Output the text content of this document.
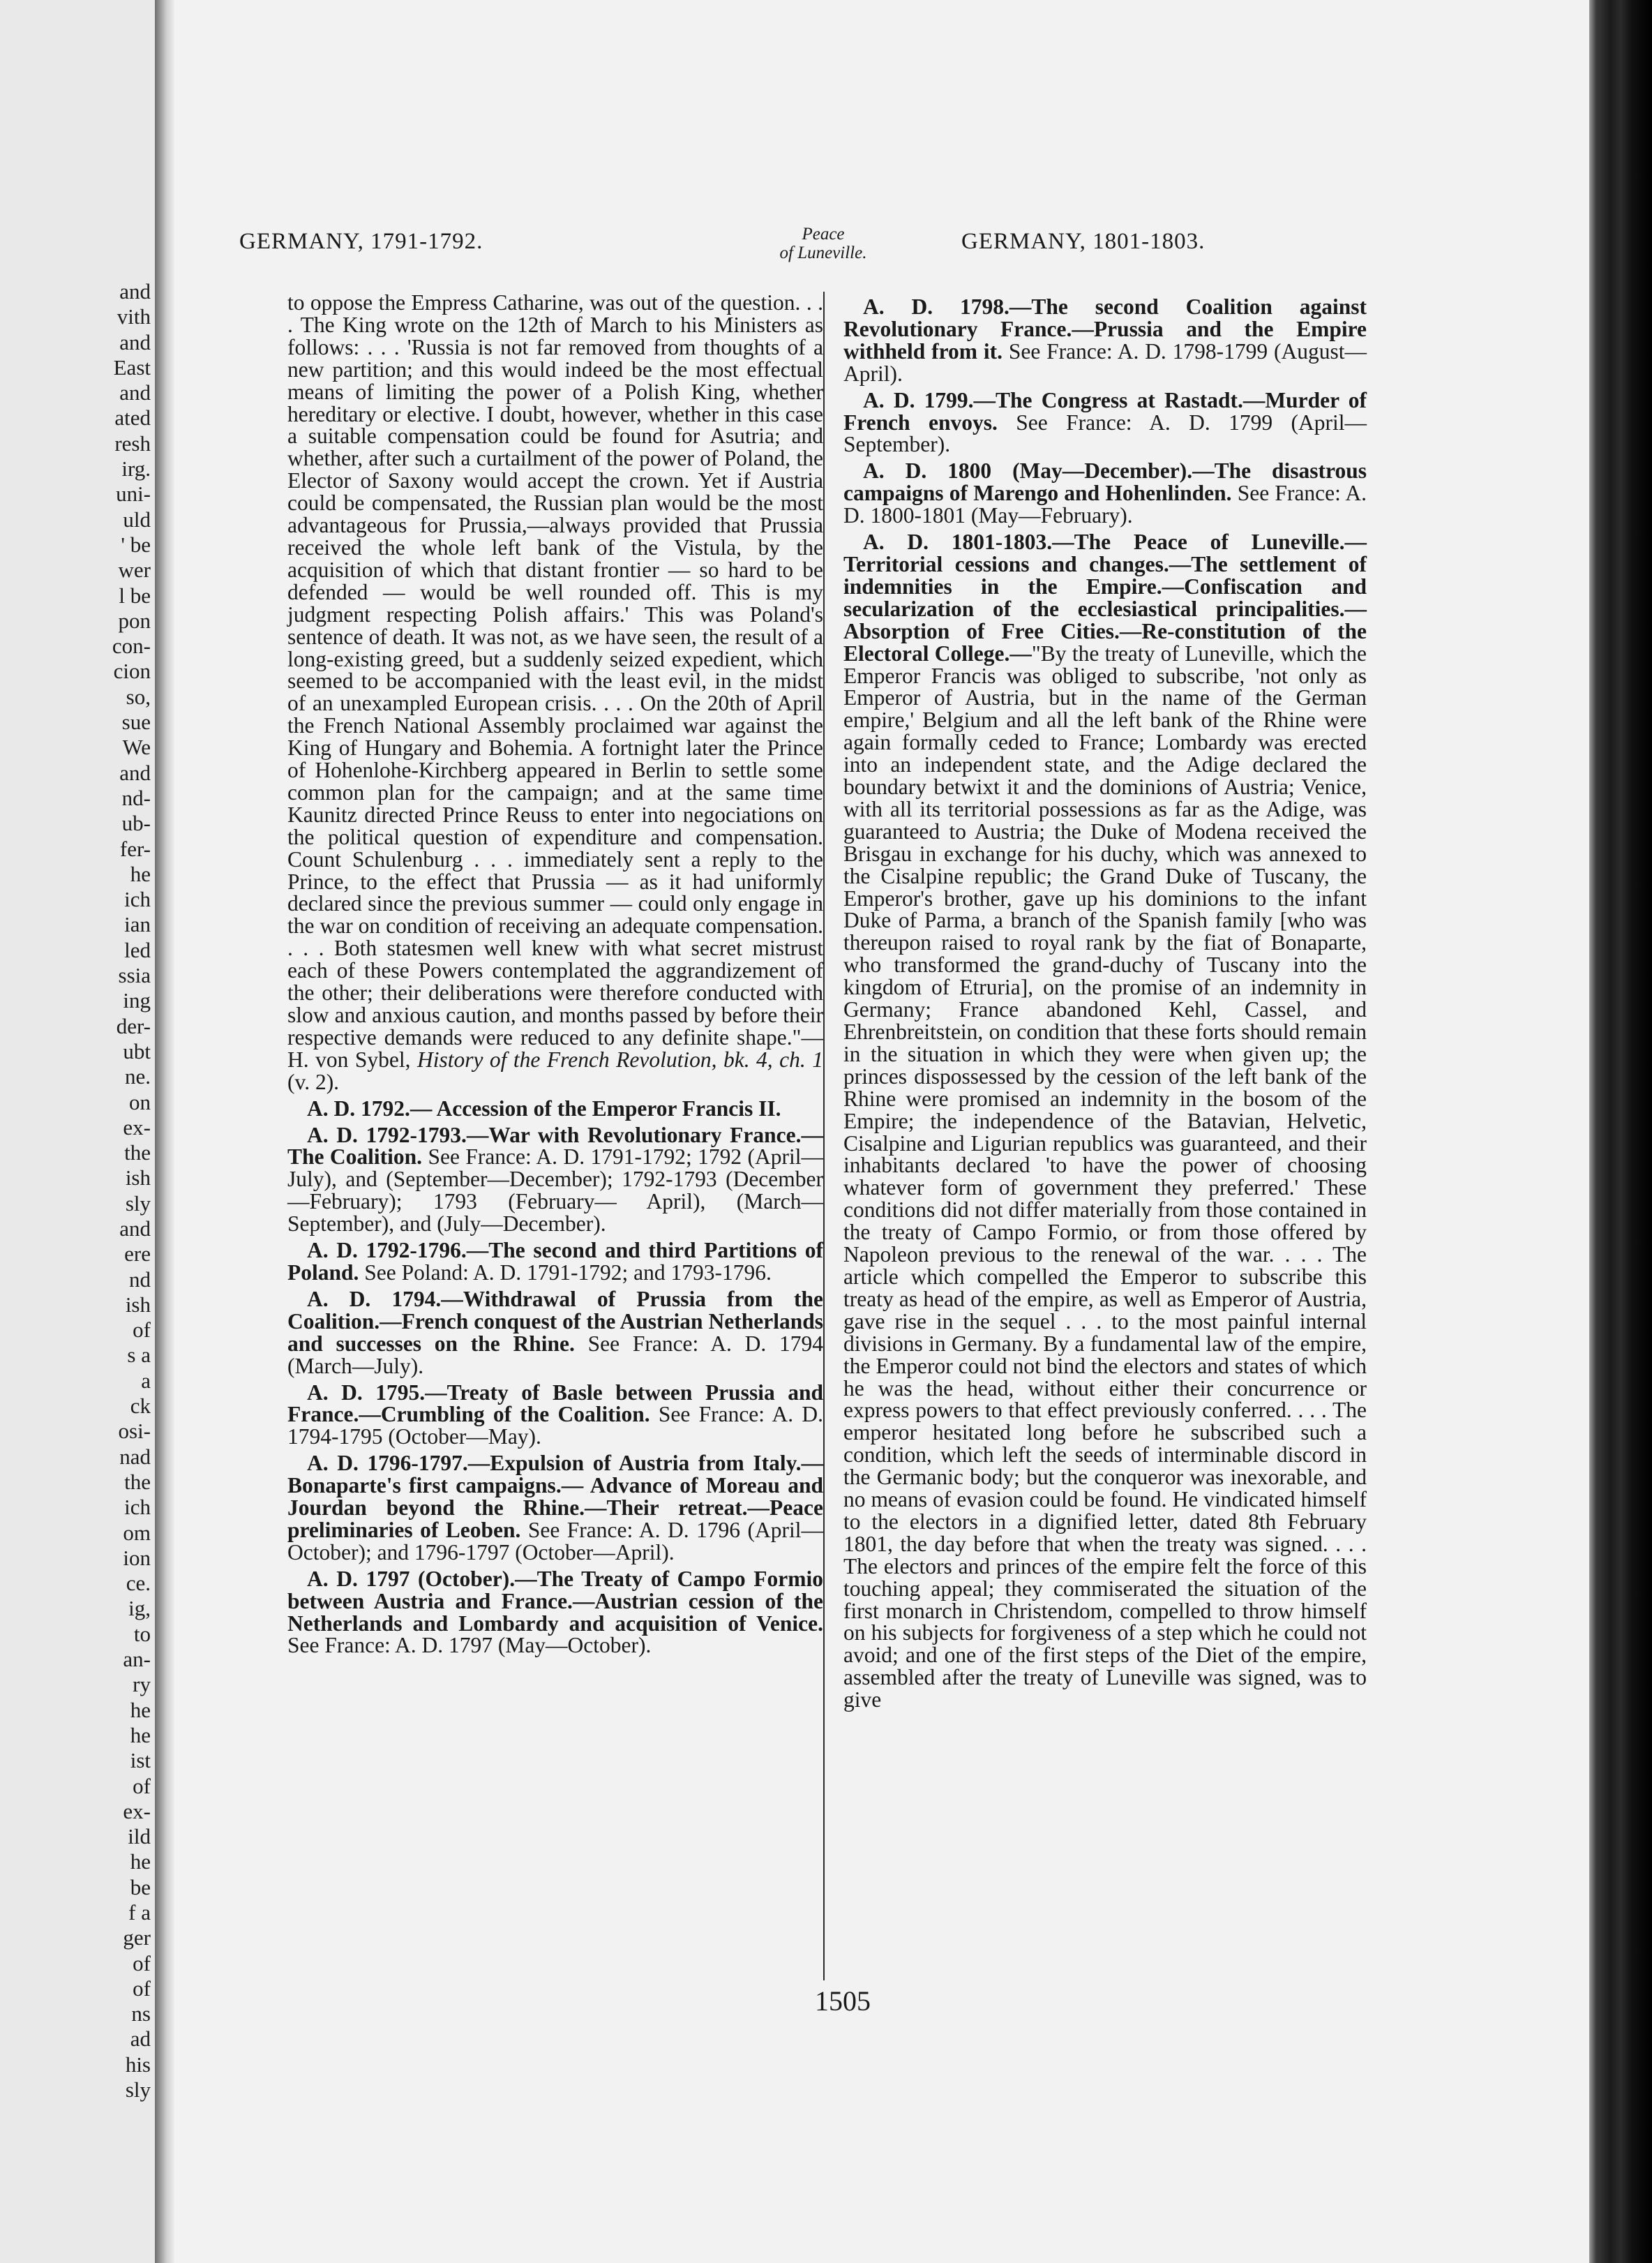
and
vith
and
East
and
ated
resh
irg.
uni-
uld
' be
wer
l be
pon
con-
cion
so,
sue
We
and
nd-
ub-
fer-
he
ich
ian
led
ssia
ing
der-
ubt
ne.
on
ex-
the
ish
sly
and
ere
nd
ish
of
s a
a
ck
osi-
nad
the
ich
om
ion
ce.
ig,
to
an-
ry
he
he
ist
of
ex-
ild
he
be
f a
ger
of
of
ns
ad
his
sly
GERMANY, 1791-1792.	Peace
of Luneville.	GERMANY, 1801-1803.

to oppose the Empress Catharine, was out of the question. . . . The King wrote on the 12th of March to his Ministers as follows: . . . 'Russia is not far removed from thoughts of a new partition; and this would indeed be the most effectual means of limiting the power of a Polish King, whether hereditary or elective. I doubt, however, whether in this case a suitable compensation could be found for Asutria; and whether, after such a curtailment of the power of Poland, the Elector of Saxony would accept the crown. Yet if Austria could be compensated, the Russian plan would be the most advantageous for Prussia,—always provided that Prussia received the whole left bank of the Vistula, by the acquisition of which that distant frontier — so hard to be defended — would be well rounded off. This is my judgment respecting Polish affairs.' This was Poland's sentence of death. It was not, as we have seen, the result of a long-existing greed, but a suddenly seized expedient, which seemed to be accompanied with the least evil, in the midst of an unexampled European crisis. . . . On the 20th of April the French National Assembly proclaimed war against the King of Hungary and Bohemia. A fortnight later the Prince of Hohenlohe-Kirchberg appeared in Berlin to settle some common plan for the campaign; and at the same time Kaunitz directed Prince Reuss to enter into negociations on the political question of expenditure and compensation. Count Schulenburg . . . immediately sent a reply to the Prince, to the effect that Prussia — as it had uniformly declared since the previous summer — could only engage in the war on condition of receiving an adequate compensation. . . . Both statesmen well knew with what secret mistrust each of these Powers contemplated the aggrandizement of the other; their deliberations were therefore conducted with slow and anxious caution, and months passed by before their respective demands were reduced to any definite shape."— H. von Sybel, History of the French Revolution, bk. 4, ch. 1 (v. 2).

A. D. 1792.— Accession of the Emperor Francis II.

A. D. 1792-1793.—War with Revolutionary France.—The Coalition. See France: A. D. 1791-1792; 1792 (April—July), and (September—December); 1792-1793 (December—February); 1793 (February— April), (March—September), and (July—December).

A. D. 1792-1796.—The second and third Partitions of Poland. See Poland: A. D. 1791-1792; and 1793-1796.

A. D. 1794.—Withdrawal of Prussia from the Coalition.—French conquest of the Austrian Netherlands and successes on the Rhine. See France: A. D. 1794 (March—July).

A. D. 1795.—Treaty of Basle between Prussia and France.—Crumbling of the Coalition. See France: A. D. 1794-1795 (October—May).

A. D. 1796-1797.—Expulsion of Austria from Italy.— Bonaparte's first campaigns.— Advance of Moreau and Jourdan beyond the Rhine.—Their retreat.—Peace preliminaries of Leoben. See France: A. D. 1796 (April—October); and 1796-1797 (October—April).

A. D. 1797 (October).—The Treaty of Campo Formio between Austria and France.—Austrian cession of the Netherlands and Lombardy and acquisition of Venice. See France: A. D. 1797 (May—October).

A. D. 1798.—The second Coalition against Revolutionary France.—Prussia and the Empire withheld from it. See France: A. D. 1798-1799 (August—April).

A. D. 1799.—The Congress at Rastadt.—Murder of French envoys. See France: A. D. 1799 (April—September).

A. D. 1800 (May—December).—The disastrous campaigns of Marengo and Hohenlinden. See France: A. D. 1800-1801 (May—February).

A. D. 1801-1803.—The Peace of Luneville.—Territorial cessions and changes.—The settlement of indemnities in the Empire.—Confiscation and secularization of the ecclesiastical principalities.—Absorption of Free Cities.—Re-constitution of the Electoral College.—"By the treaty of Luneville, which the Emperor Francis was obliged to subscribe, 'not only as Emperor of Austria, but in the name of the German empire,' Belgium and all the left bank of the Rhine were again formally ceded to France; Lombardy was erected into an independent state, and the Adige declared the boundary betwixt it and the dominions of Austria; Venice, with all its territorial possessions as far as the Adige, was guaranteed to Austria; the Duke of Modena received the Brisgau in exchange for his duchy, which was annexed to the Cisalpine republic; the Grand Duke of Tuscany, the Emperor's brother, gave up his dominions to the infant Duke of Parma, a branch of the Spanish family [who was thereupon raised to royal rank by the fiat of Bonaparte, who transformed the grand-duchy of Tuscany into the kingdom of Etruria], on the promise of an indemnity in Germany; France abandoned Kehl, Cassel, and Ehrenbreitstein, on condition that these forts should remain in the situation in which they were when given up; the princes dispossessed by the cession of the left bank of the Rhine were promised an indemnity in the bosom of the Empire; the independence of the Batavian, Helvetic, Cisalpine and Ligurian republics was guaranteed, and their inhabitants declared 'to have the power of choosing whatever form of government they preferred.' These conditions did not differ materially from those contained in the treaty of Campo Formio, or from those offered by Napoleon previous to the renewal of the war. . . . The article which compelled the Emperor to subscribe this treaty as head of the empire, as well as Emperor of Austria, gave rise in the sequel . . . to the most painful internal divisions in Germany. By a fundamental law of the empire, the Emperor could not bind the electors and states of which he was the head, without either their concurrence or express powers to that effect previously conferred. . . . The emperor hesitated long before he subscribed such a condition, which left the seeds of interminable discord in the Germanic body; but the conqueror was inexorable, and no means of evasion could be found. He vindicated himself to the electors in a dignified letter, dated 8th February 1801, the day before that when the treaty was signed. . . . The electors and princes of the empire felt the force of this touching appeal; they commiserated the situation of the first monarch in Christendom, compelled to throw himself on his subjects for forgiveness of a step which he could not avoid; and one of the first steps of the Diet of the empire, assembled after the treaty of Luneville was signed, was to give

1505
